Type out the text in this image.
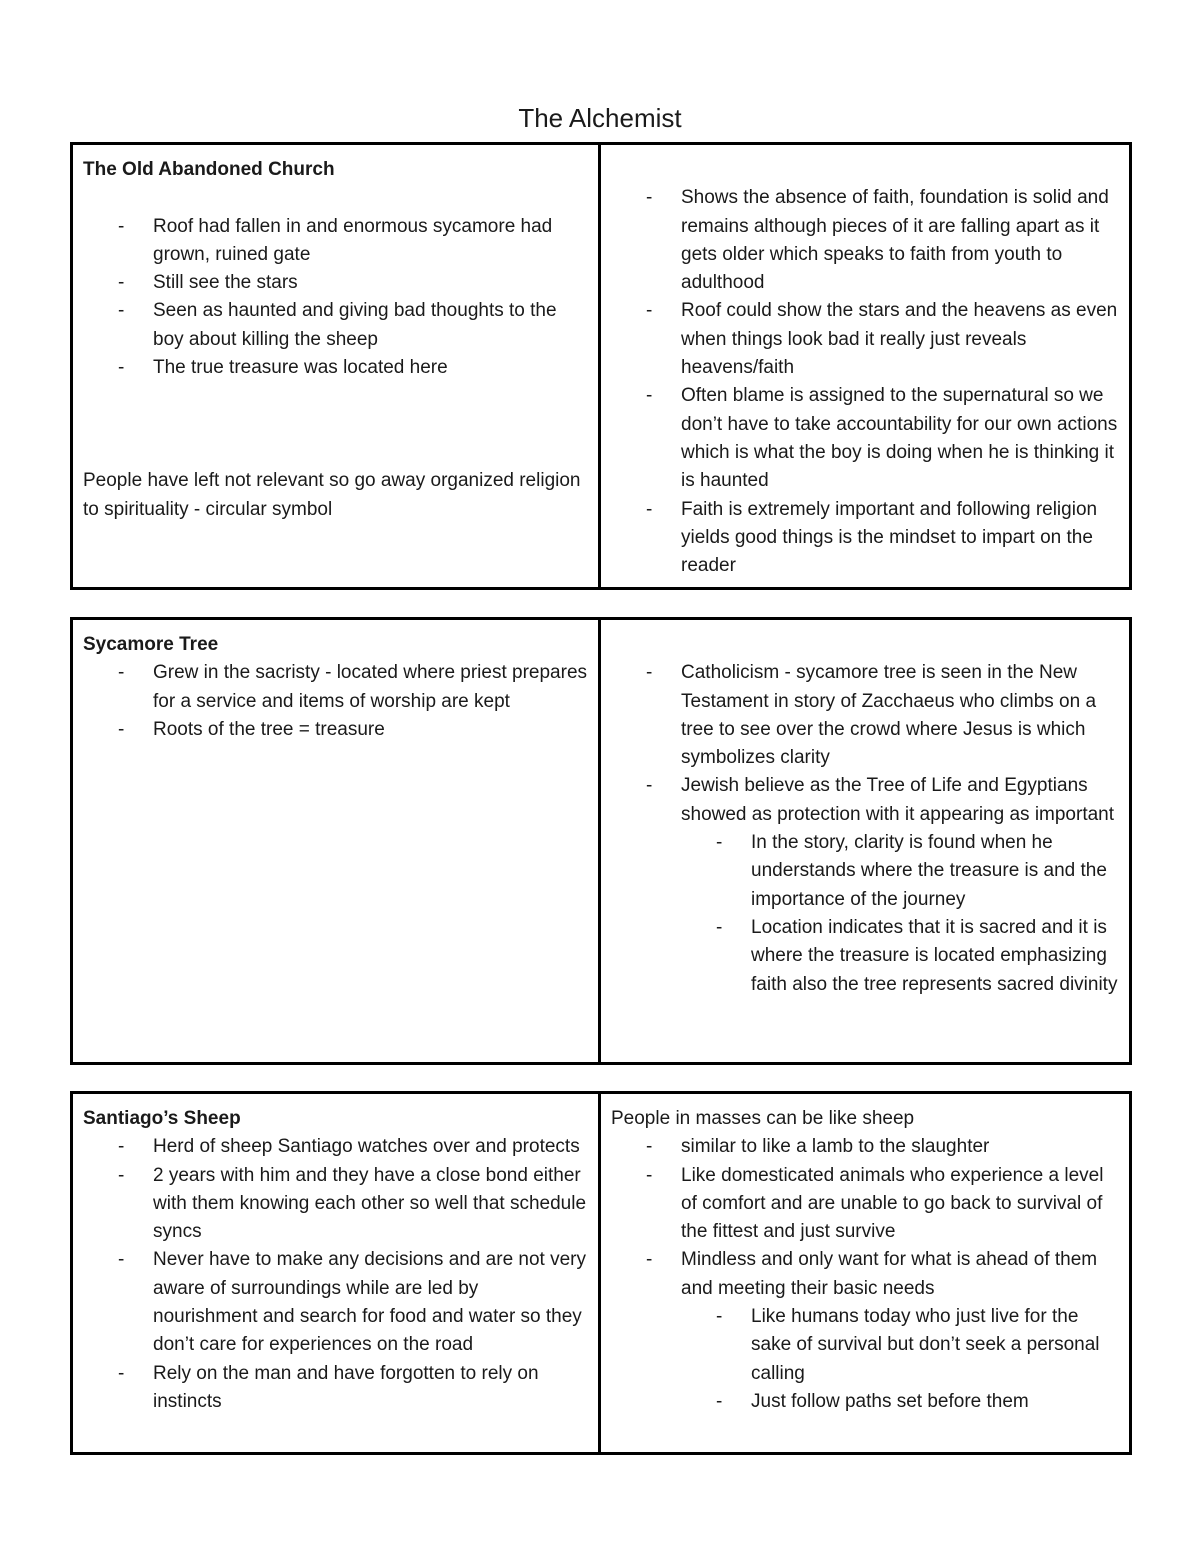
The Alchemist
The Old Abandoned Church
- Roof had fallen in and enormous sycamore had grown, ruined gate
- Still see the stars
- Seen as haunted and giving bad thoughts to the boy about killing the sheep
- The true treasure was located here
People have left not relevant so go away organized religion to spirituality - circular symbol
- Shows the absence of faith, foundation is solid and remains although pieces of it are falling apart as it gets older which speaks to faith from youth to adulthood
- Roof could show the stars and the heavens as even when things look bad it really just reveals heavens/faith
- Often blame is assigned to the supernatural so we don’t have to take accountability for our own actions which is what the boy is doing when he is thinking it is haunted
- Faith is extremely important and following religion yields good things is the mindset to impart on the reader
Sycamore Tree
- Grew in the sacristy - located where priest prepares for a service and items of worship are kept
- Roots of the tree = treasure
- Catholicism - sycamore tree is seen in the New Testament in story of Zacchaeus who climbs on a tree to see over the crowd where Jesus is which symbolizes clarity
- Jewish believe as the Tree of Life and Egyptians showed as protection with it appearing as important
- In the story, clarity is found when he understands where the treasure is and the importance of the journey
- Location indicates that it is sacred and it is where the treasure is located emphasizing faith also the tree represents sacred divinity
Santiago’s Sheep
- Herd of sheep Santiago watches over and protects
- 2 years with him and they have a close bond either with them knowing each other so well that schedule syncs
- Never have to make any decisions and are not very aware of surroundings while are led by nourishment and search for food and water so they don’t care for experiences on the road
- Rely on the man and have forgotten to rely on instincts
People in masses can be like sheep
- similar to like a lamb to the slaughter
- Like domesticated animals who experience a level of comfort and are unable to go back to survival of the fittest and just survive
- Mindless and only want for what is ahead of them and meeting their basic needs
- Like humans today who just live for the sake of survival but don’t seek a personal calling
- Just follow paths set before them
